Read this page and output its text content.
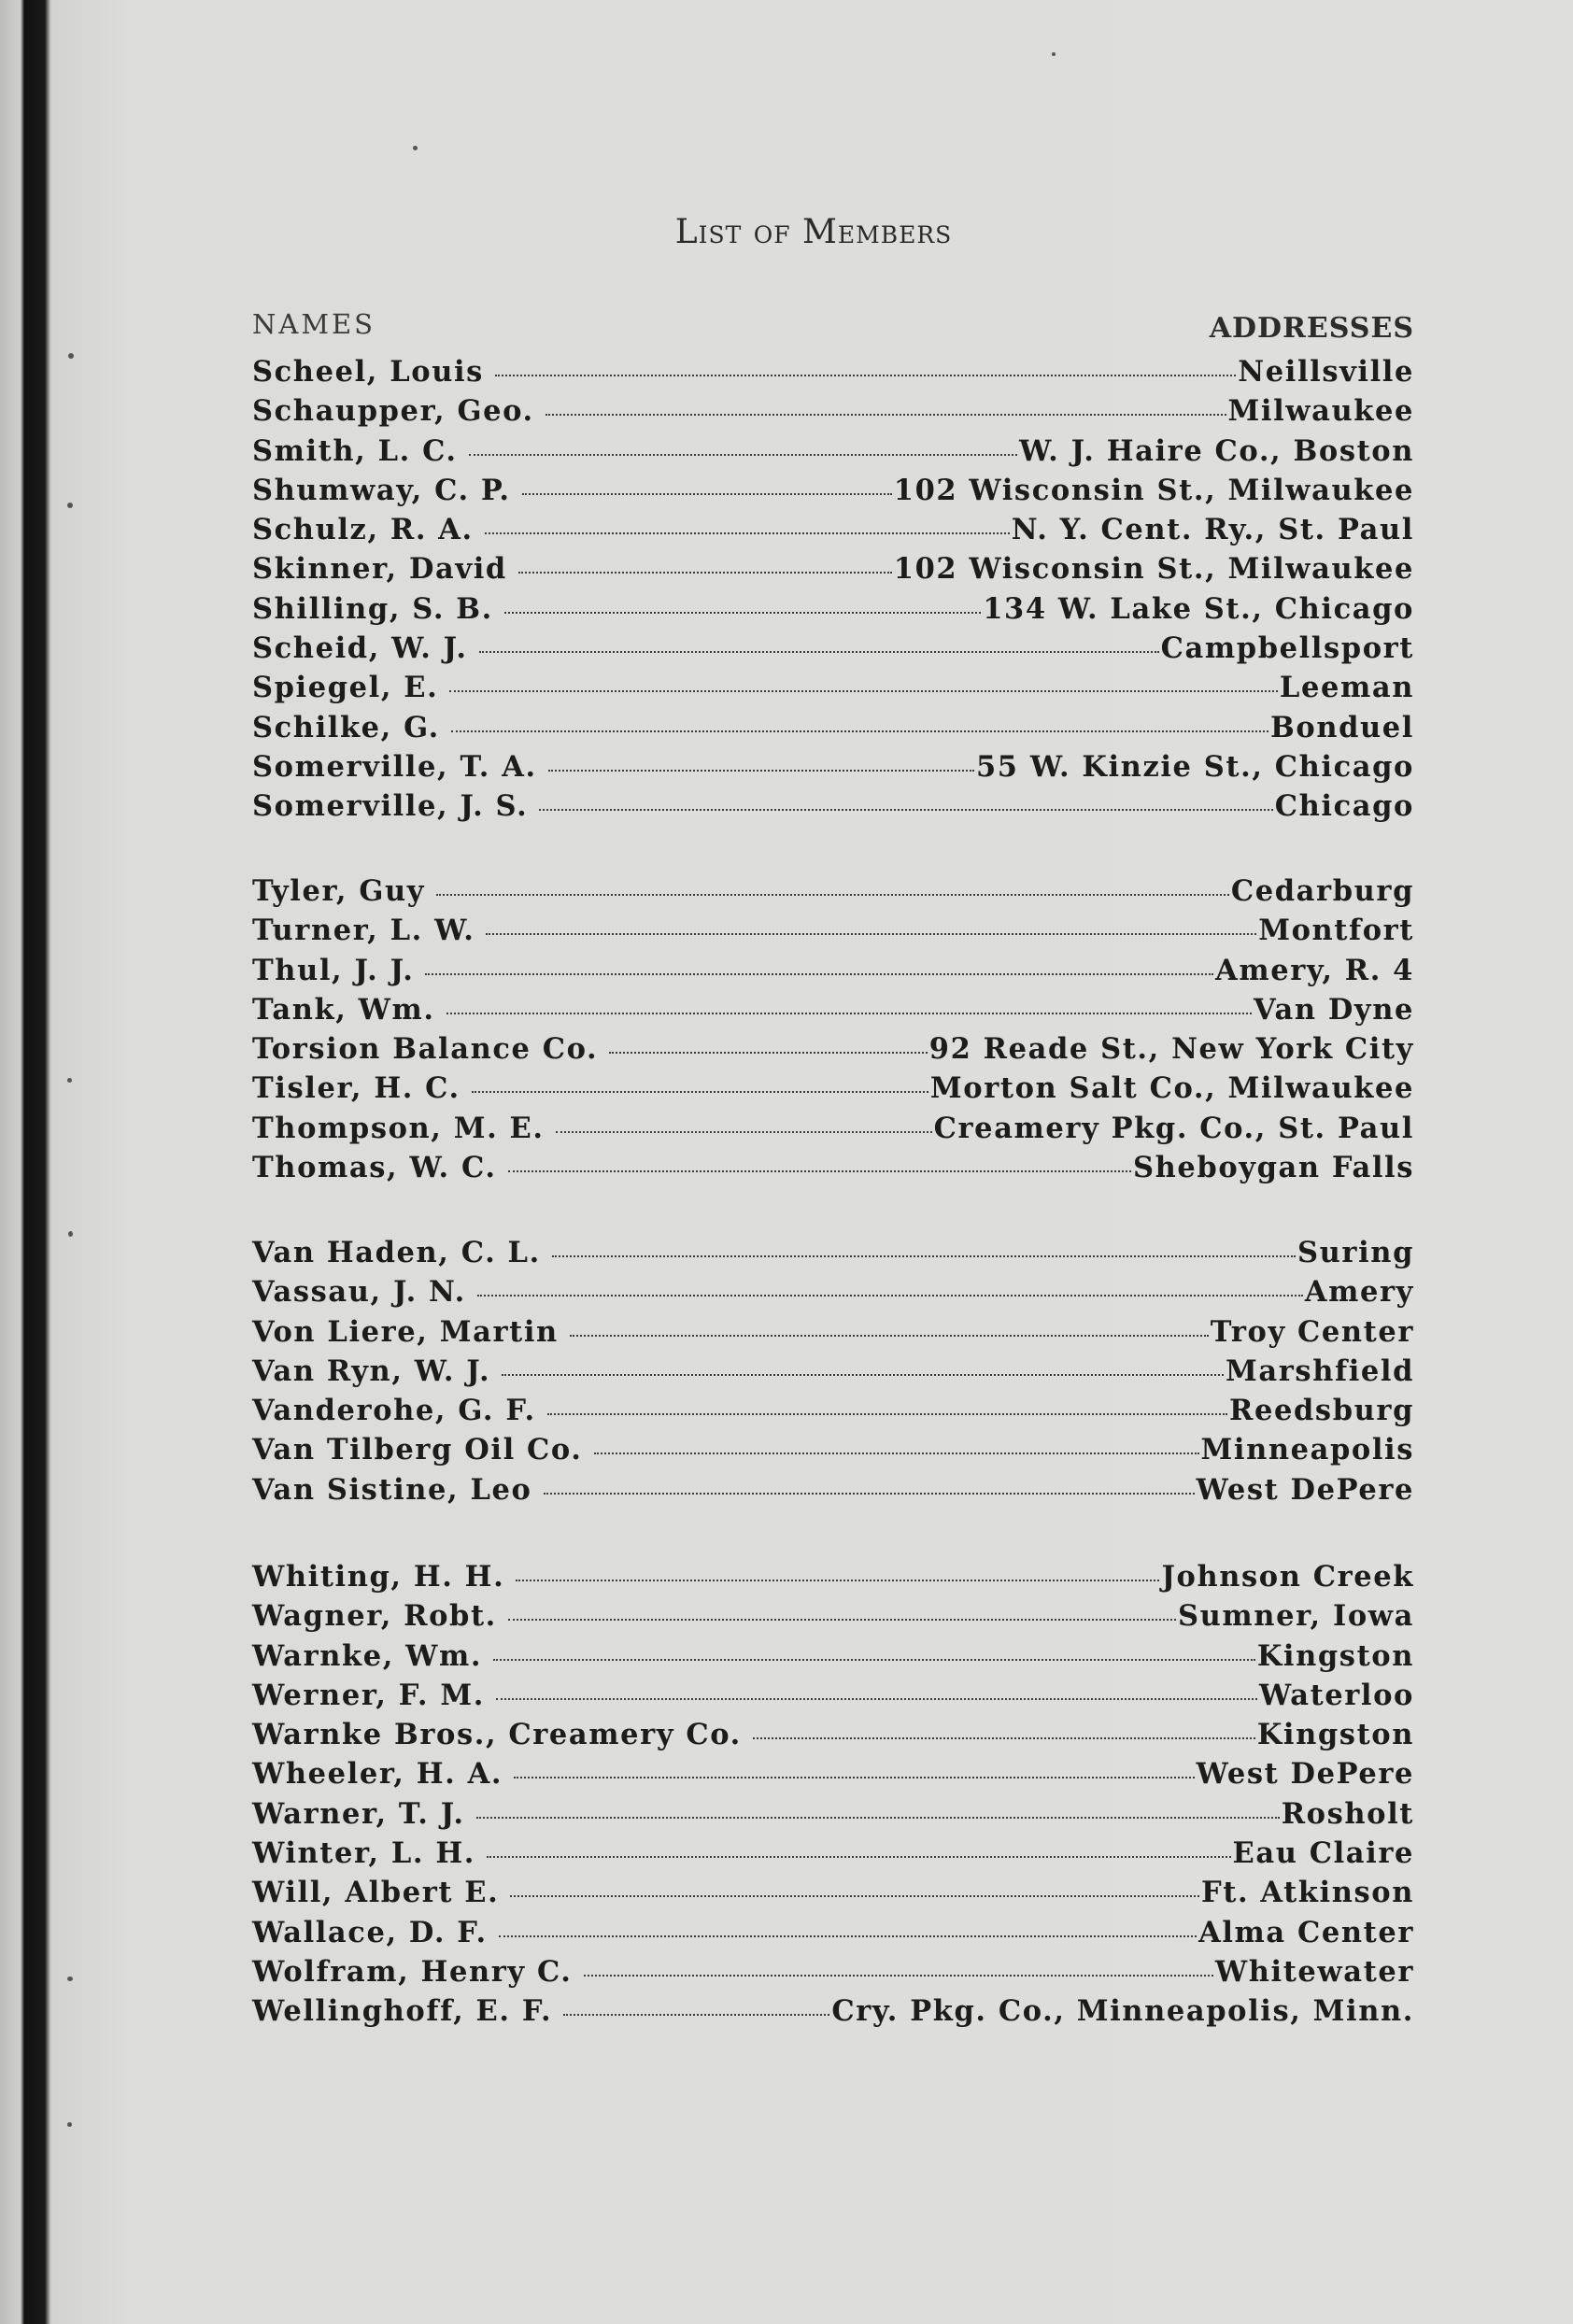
List of Members
NAMES	ADDRESSES
Scheel, Louis	Neillsville
Schaupper, Geo.	Milwaukee
Smith, L. C.	W. J. Haire Co., Boston
Shumway, C. P.	102 Wisconsin St., Milwaukee
Schulz, R. A.	N. Y. Cent. Ry., St. Paul
Skinner, David	102 Wisconsin St., Milwaukee
Shilling, S. B.	134 W. Lake St., Chicago
Scheid, W. J.	Campbellsport
Spiegel, E.	Leeman
Schilke, G.	Bonduel
Somerville, T. A.	55 W. Kinzie St., Chicago
Somerville, J. S.	Chicago
Tyler, Guy	Cedarburg
Turner, L. W.	Montfort
Thul, J. J.	Amery, R. 4
Tank, Wm.	Van Dyne
Torsion Balance Co.	92 Reade St., New York City
Tisler, H. C.	Morton Salt Co., Milwaukee
Thompson, M. E.	Creamery Pkg. Co., St. Paul
Thomas, W. C.	Sheboygan Falls
Van Haden, C. L.	Suring
Vassau, J. N.	Amery
Von Liere, Martin	Troy Center
Van Ryn, W. J.	Marshfield
Vanderohe, G. F.	Reedsburg
Van Tilberg Oil Co.	Minneapolis
Van Sistine, Leo	West DePere
Whiting, H. H.	Johnson Creek
Wagner, Robt.	Sumner, Iowa
Warnke, Wm.	Kingston
Werner, F. M.	Waterloo
Warnke Bros., Creamery Co.	Kingston
Wheeler, H. A.	West DePere
Warner, T. J.	Rosholt
Winter, L. H.	Eau Claire
Will, Albert E.	Ft. Atkinson
Wallace, D. F.	Alma Center
Wolfram, Henry C.	Whitewater
Wellinghoff, E. F.	Cry. Pkg. Co., Minneapolis, Minn.
